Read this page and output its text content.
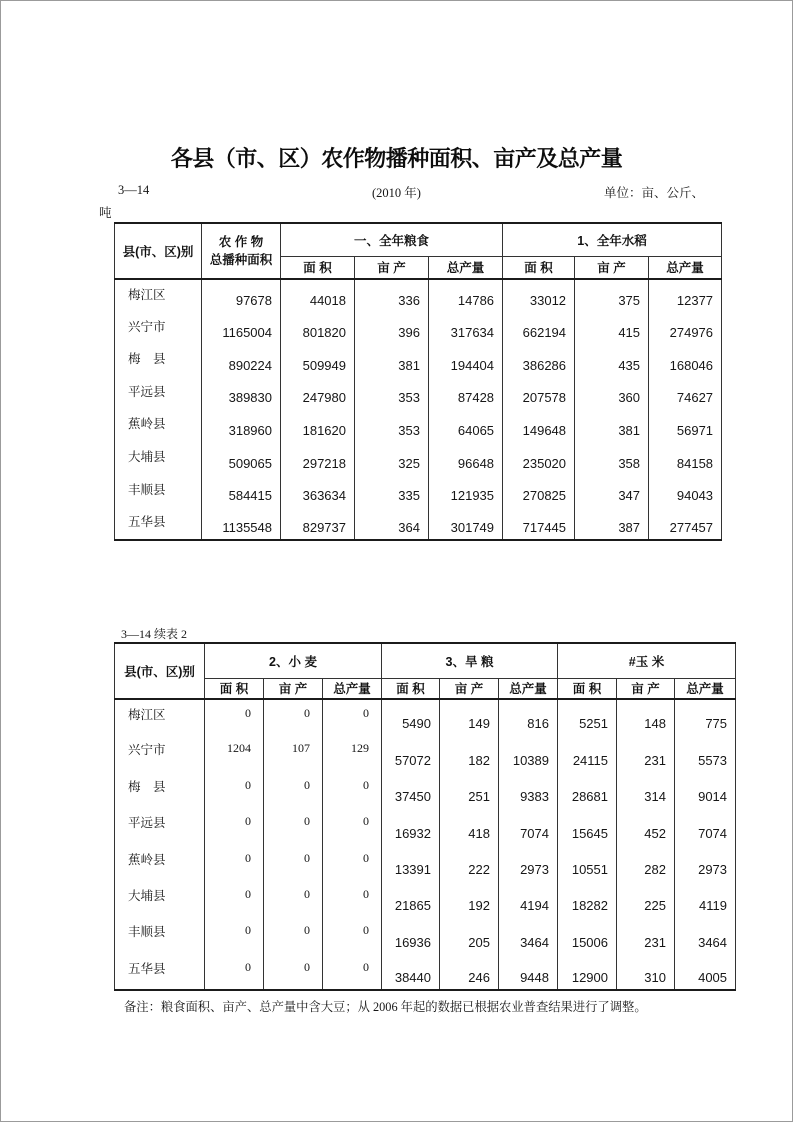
各县（市、区）农作物播种面积、亩产及总产量
3—14	(2010 年)	单位：亩、公斤、
吨
县(市、区)别	农 作 物
总播种面积	一、全年粮食			1、全年水稻		
		面 积	亩 产	总产量	面 积	亩 产	总产量
梅江区	97678	44018	336	14786	33012	375	12377
兴宁市	1165004	801820	396	317634	662194	415	274976
梅　县	890224	509949	381	194404	386286	435	168046
平远县	389830	247980	353	87428	207578	360	74627
蕉岭县	318960	181620	353	64065	149648	381	56971
大埔县	509065	297218	325	96648	235020	358	84158
丰顺县	584415	363634	335	121935	270825	347	94043
五华县	1135548	829737	364	301749	717445	387	277457
3—14 续表 2
县(市、区)别	2、小 麦			3、旱 粮			#玉 米		
	面 积	亩 产	总产量	面 积	亩 产	总产量	面 积	亩 产	总产量
梅江区	0	0	0	5490	149	816	5251	148	775
兴宁市	1204	107	129	57072	182	10389	24115	231	5573
梅　县	0	0	0	37450	251	9383	28681	314	9014
平远县	0	0	0	16932	418	7074	15645	452	7074
蕉岭县	0	0	0	13391	222	2973	10551	282	2973
大埔县	0	0	0	21865	192	4194	18282	225	4119
丰顺县	0	0	0	16936	205	3464	15006	231	3464
五华县	0	0	0	38440	246	9448	12900	310	4005
备注：粮食面积、亩产、总产量中含大豆；从 2006 年起的数据已根据农业普查结果进行了调整。
